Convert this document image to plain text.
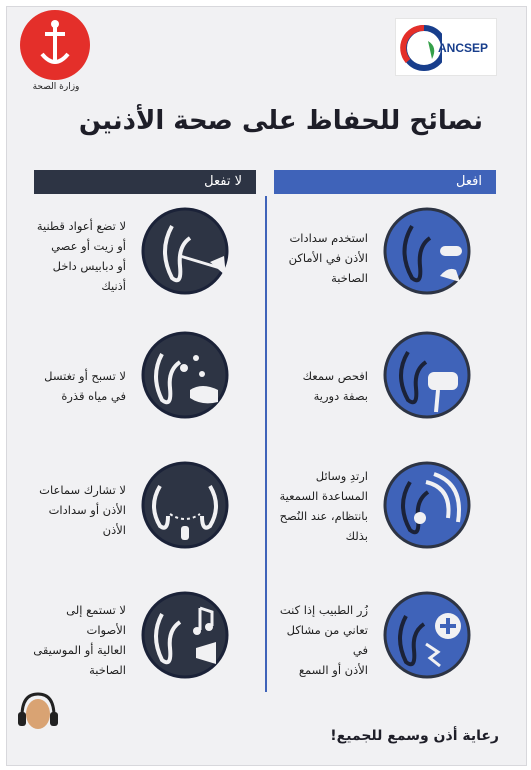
وزارة الصحة
ANCSEP
نصائح للحفاظ على صحة الأذنين
لا تفعل	افعل
استخدم سدادات
الأذن في الأماكن
الصاخبة
افحص سمعك
بصفة دورية
ارتدِ وسائل
المساعدة السمعية
بانتظام، عند النُصح
بذلك
زُر الطبيب إذا كنت
تعاني من مشاكل في
الأذن أو السمع
لا تضع أعواد قطنية
أو زيت أو عصي
أو دبابيس داخل
أذنيك
لا تسبح أو تغتسل
في مياه قذرة
لا تشارك سماعات
الأذن أو سدادات
الأذن
لا تستمع إلى الأصوات
العالية أو الموسيقى
الصاخبة
رعاية أذن وسمع للجميع!
